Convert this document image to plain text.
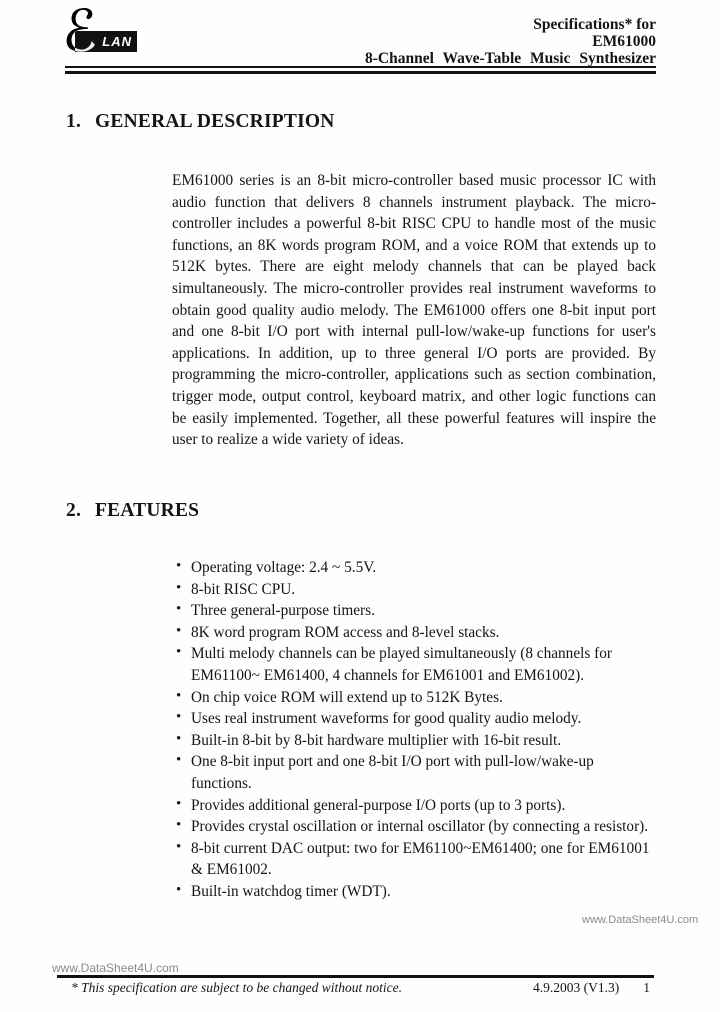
LAN
ℰ	Specifications* for
EM61000
8-Channel Wave-Table Music Synthesizer
1. GENERAL DESCRIPTION
EM61000 series is an 8-bit micro-controller based music processor IC with audio function that delivers 8 channels instrument playback. The micro-controller includes a powerful 8-bit RISC CPU to handle most of the music functions, an 8K words program ROM, and a voice ROM that extends up to 512K bytes. There are eight melody channels that can be played back simultaneously. The micro-controller provides real instrument waveforms to obtain good quality audio melody. The EM61000 offers one 8-bit input port and one 8-bit I/O port with internal pull-low/wake-up functions for user's applications. In addition, up to three general I/O ports are provided. By programming the micro-controller, applications such as section combination, trigger mode, output control, keyboard matrix, and other logic functions can be easily implemented. Together, all these powerful features will inspire the user to realize a wide variety of ideas.
2. FEATURES
• Operating voltage: 2.4 ~ 5.5V.
• 8-bit RISC CPU.
• Three general-purpose timers.
• 8K word program ROM access and 8-level stacks.
• Multi melody channels can be played simultaneously (8 channels for EM61100~ EM61400, 4 channels for EM61001 and EM61002).
• On chip voice ROM will extend up to 512K Bytes.
• Uses real instrument waveforms for good quality audio melody.
• Built-in 8-bit by 8-bit hardware multiplier with 16-bit result.
• One 8-bit input port and one 8-bit I/O port with pull-low/wake-up functions.
• Provides additional general-purpose I/O ports (up to 3 ports).
• Provides crystal oscillation or internal oscillator (by connecting a resistor).
• 8-bit current DAC output: two for EM61100~EM61400; one for EM61001 & EM61002.
• Built-in watchdog timer (WDT).
www.DataSheet4U.com
www.DataSheet4U.com
* This specification are subject to be changed without notice.	4.9.2003 (V1.3) 1
